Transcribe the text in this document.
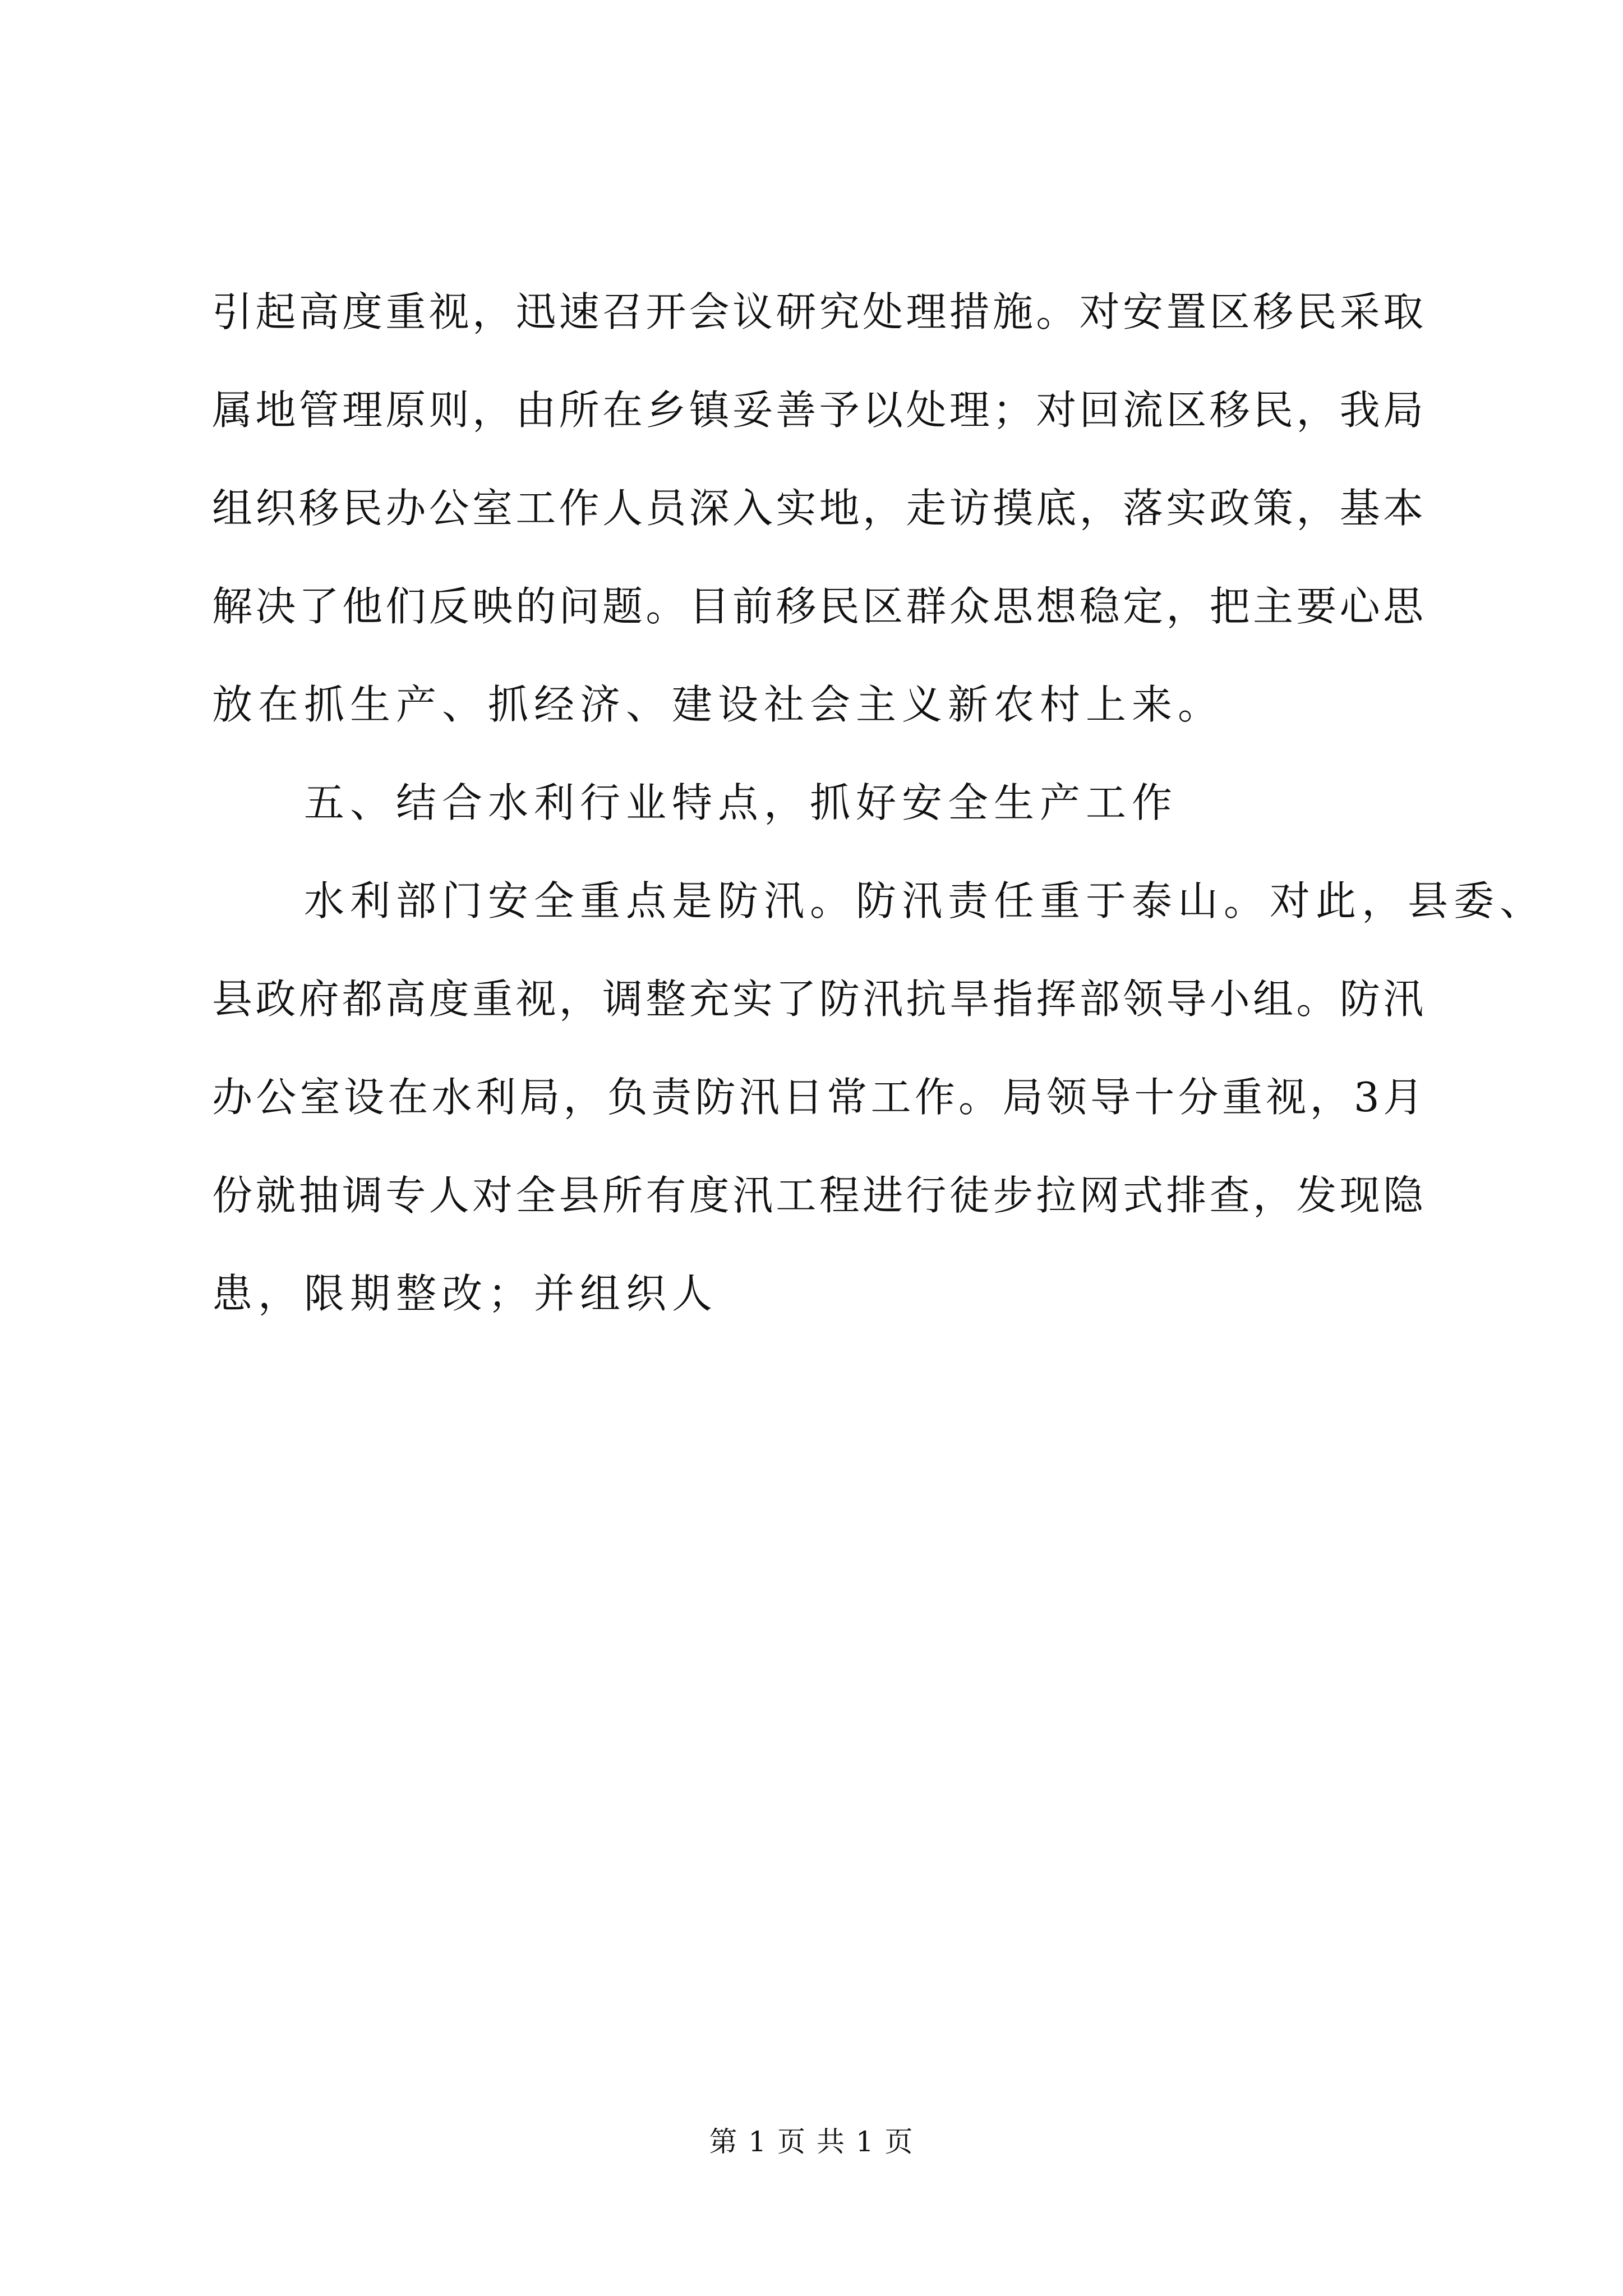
引起高度重视，迅速召开会议研究处理措施。对安置区移民采取
属地管理原则，由所在乡镇妥善予以处理；对回流区移民，我局
组织移民办公室工作人员深入实地，走访摸底，落实政策，基本
解决了他们反映的问题。目前移民区群众思想稳定，把主要心思
放在抓生产、抓经济、建设社会主义新农村上来。
五、结合水利行业特点，抓好安全生产工作
水利部门安全重点是防汛。防汛责任重于泰山。对此，县委、
县政府都高度重视，调整充实了防汛抗旱指挥部领导小组。防汛
办公室设在水利局，负责防汛日常工作。局领导十分重视，3月
份就抽调专人对全县所有度汛工程进行徒步拉网式排查，发现隐
患，限期整改；并组织人
第 1 页 共 1 页
